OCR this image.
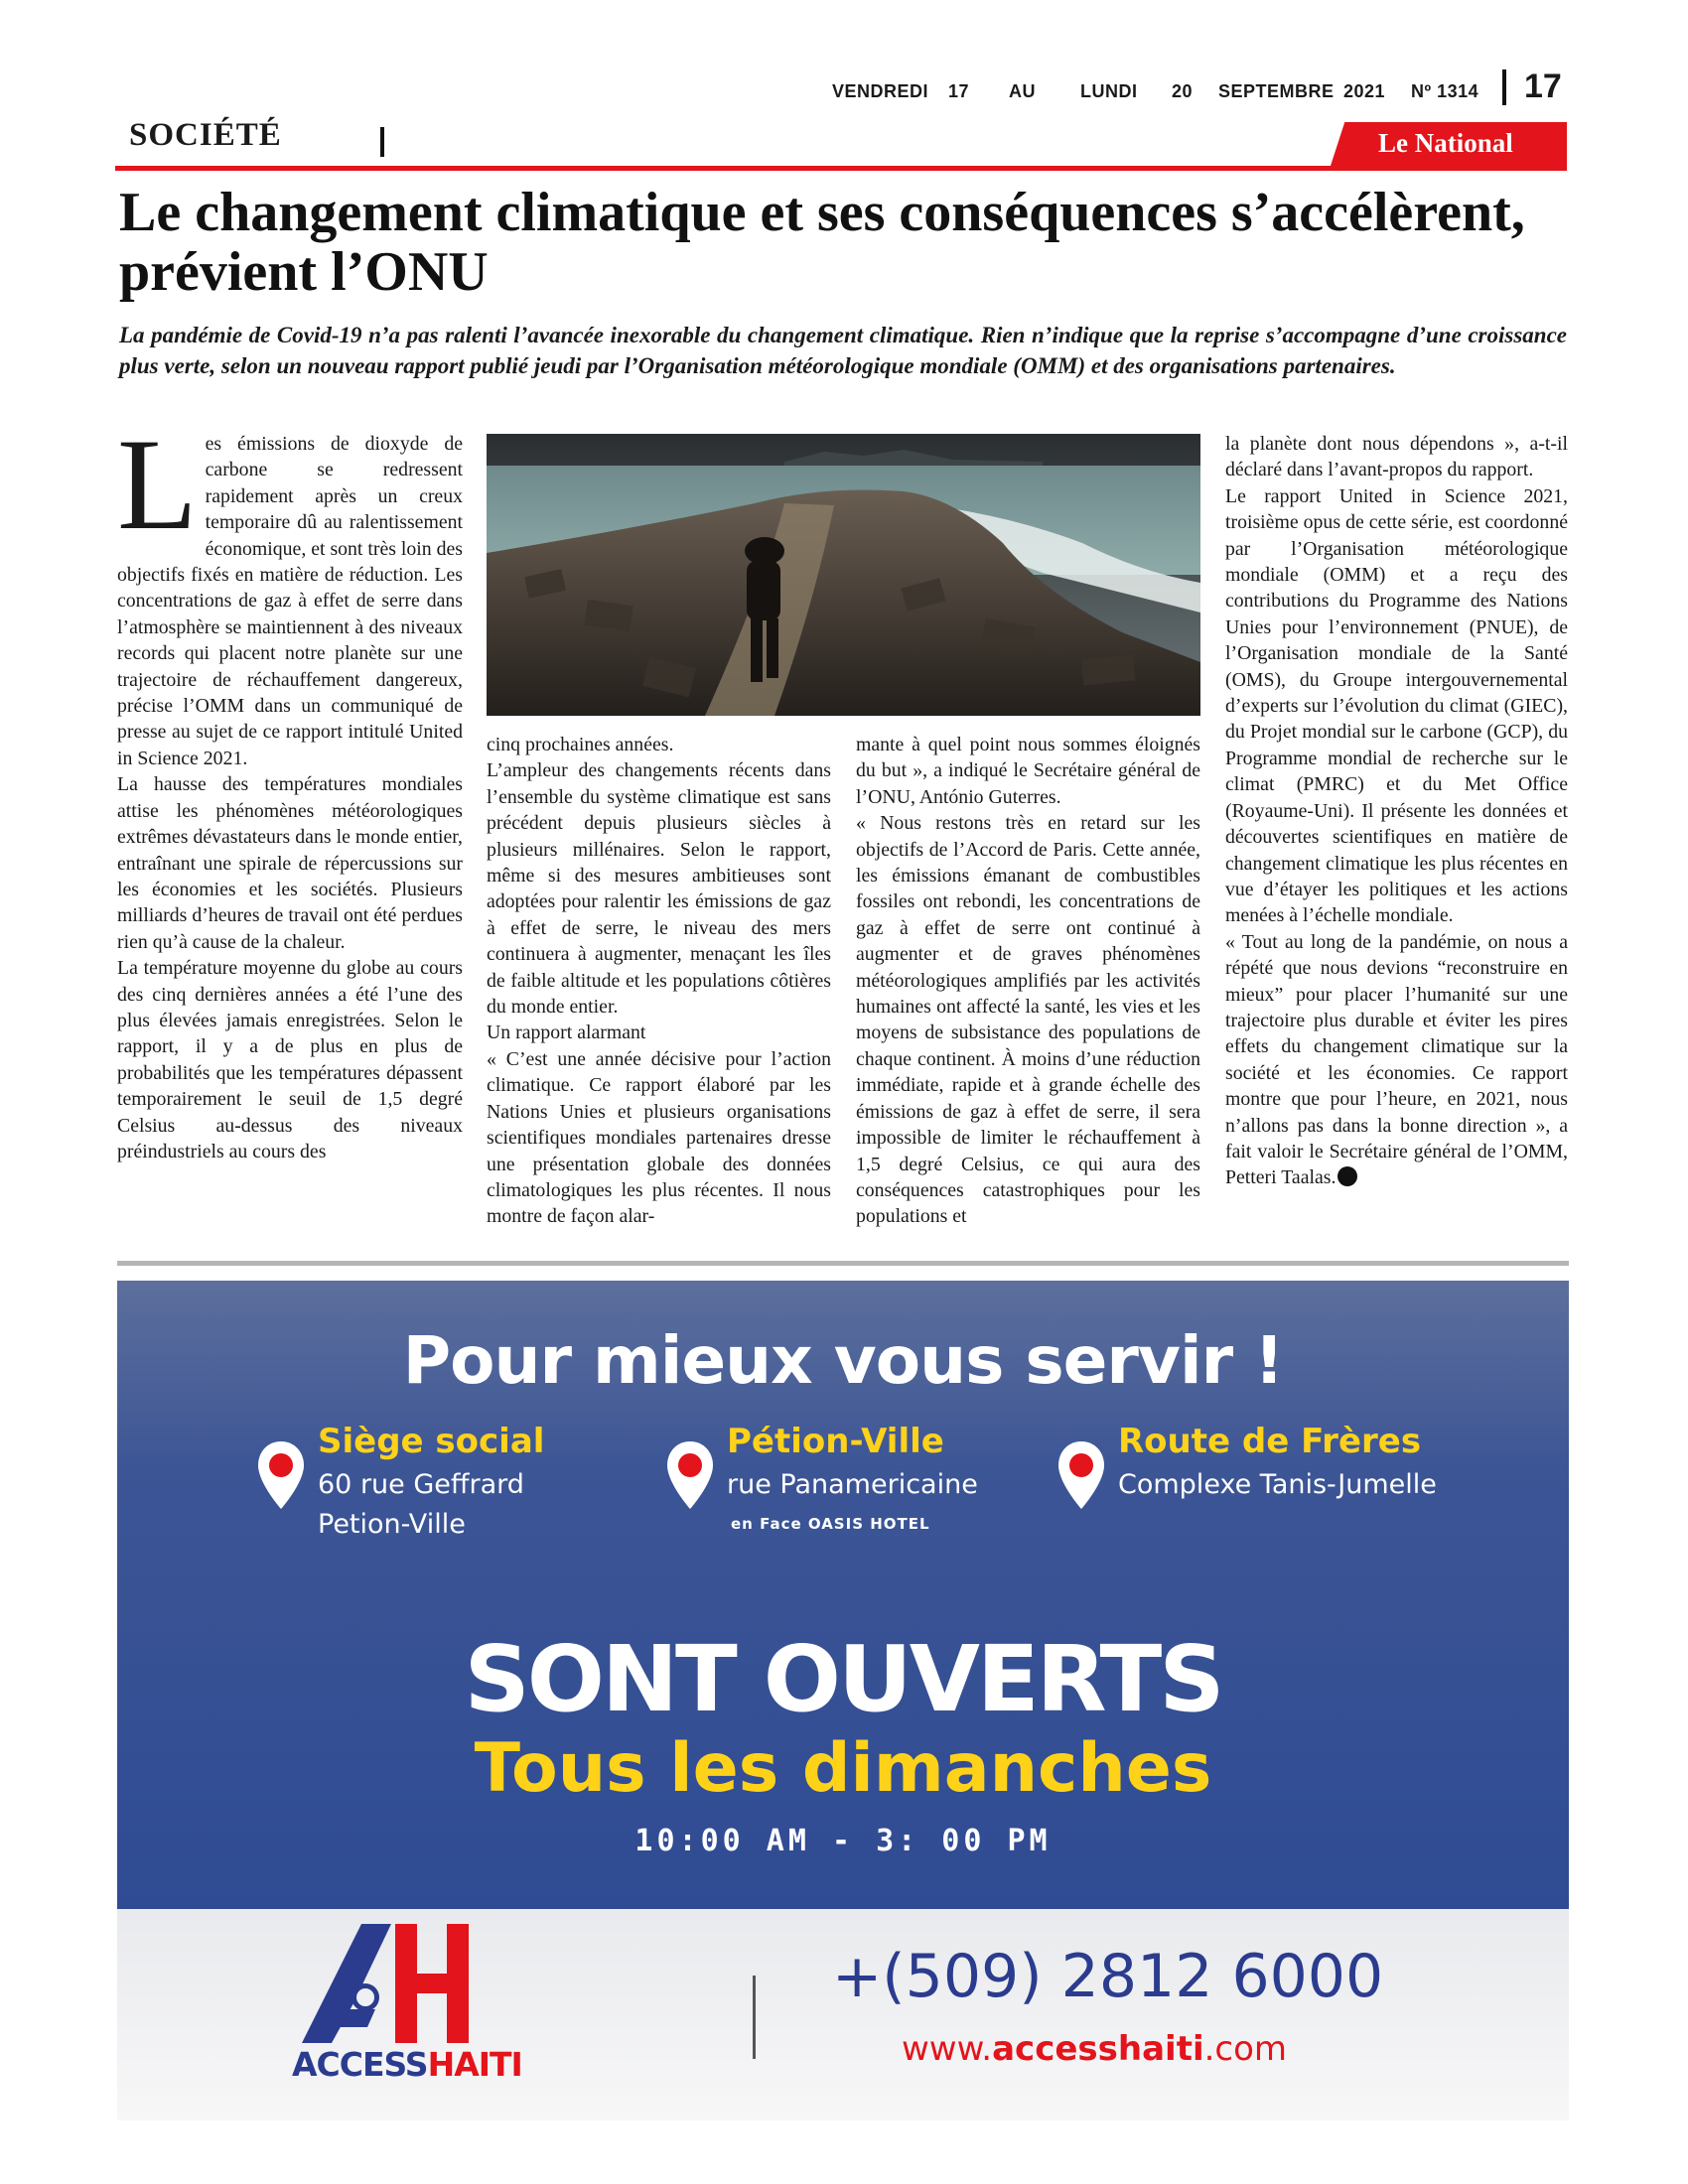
VENDREDI 17 AU	LUNDI 20 SEPTEMBRE 2021 Nº 1314 17
SOCIÉTÉ	Le National
Le changement climatique et ses conséquences s’accélèrent, prévient l’ONU

La pandémie de Covid-19 n’a pas ralenti l’avancée inexorable du changement climatique. Rien n’indique que la reprise s’accompagne d’une croissance plus verte, selon un nouveau rapport publié jeudi par l’Organisation météorologique mondiale (OMM) et des organisations partenaires.

Les émissions de dioxyde de carbone se redressent rapidement après un creux temporaire dû au ralentissement économique, et sont très loin des objectifs fixés en matière de réduction. Les concentrations de gaz à effet de serre dans l’atmosphère se maintiennent à des niveaux records qui placent notre planète sur une trajectoire de réchauffement dangereux, précise l’OMM dans un communiqué de presse au sujet de ce rapport intitulé United in Science 2021.

La hausse des températures mondiales attise les phénomènes météorologiques extrêmes dévastateurs dans le monde entier, entraînant une spirale de répercussions sur les économies et les sociétés. Plusieurs milliards d’heures de travail ont été perdues rien qu’à cause de la chaleur.

La température moyenne du globe au cours des cinq dernières années a été l’une des plus élevées jamais enregistrées. Selon le rapport, il y a de plus en plus de probabilités que les températures dépassent temporairement le seuil de 1,5 degré Celsius au-dessus des niveaux préindustriels au cours des

cinq prochaines années.

L’ampleur des changements récents dans l’ensemble du système climatique est sans précédent depuis plusieurs siècles à plusieurs millénaires. Selon le rapport, même si des mesures ambitieuses sont adoptées pour ralentir les émissions de gaz à effet de serre, le niveau des mers continuera à augmenter, menaçant les îles de faible altitude et les populations côtières du monde entier.

Un rapport alarmant

« C’est une année décisive pour l’action climatique. Ce rapport élaboré par les Nations Unies et plusieurs organisations scientifiques mondiales partenaires dresse une présentation globale des données climatologiques les plus récentes. Il nous montre de façon alar-

mante à quel point nous sommes éloignés du but », a indiqué le Secrétaire général de l’ONU, António Guterres.

« Nous restons très en retard sur les objectifs de l’Accord de Paris. Cette année, les émissions émanant de combustibles fossiles ont rebondi, les concentrations de gaz à effet de serre ont continué à augmenter et de graves phénomènes météorologiques amplifiés par les activités humaines ont affecté la santé, les vies et les moyens de subsistance des populations de chaque continent. À moins d’une réduction immédiate, rapide et à grande échelle des émissions de gaz à effet de serre, il sera impossible de limiter le réchauffement à 1,5 degré Celsius, ce qui aura des conséquences catastrophiques pour les populations et

la planète dont nous dépendons », a-t-il déclaré dans l’avant-propos du rapport.

Le rapport United in Science 2021, troisième opus de cette série, est coordonné par l’Organisation météorologique mondiale (OMM) et a reçu des contributions du Programme des Nations Unies pour l’environnement (PNUE), de l’Organisation mondiale de la Santé (OMS), du Groupe intergouvernemental d’experts sur l’évolution du climat (GIEC), du Projet mondial sur le carbone (GCP), du Programme mondial de recherche sur le climat (PMRC) et du Met Office (Royaume-Uni). Il présente les données et découvertes scientifiques en matière de changement climatique les plus récentes en vue d’étayer les politiques et les actions menées à l’échelle mondiale.

« Tout au long de la pandémie, on nous a répété que nous devions “reconstruire en mieux” pour placer l’humanité sur une trajectoire plus durable et éviter les pires effets du changement climatique sur la société et les économies. Ce rapport montre que pour l’heure, en 2021, nous n’allons pas dans la bonne direction », a fait valoir le Secrétaire général de l’OMM, Petteri Taalas.

Pour mieux vous servir !
Siège social
60 rue Geffrard
Petion-Ville
Pétion-Ville
rue Panamericaine
en Face OASIS HOTEL
Route de Frères
Complexe Tanis-Jumelle
SONT OUVERTS
Tous les dimanches
10:00 AM - 3: 00 PM
ACCESSHAITI
+(509) 2812 6000
www.accesshaiti.com
